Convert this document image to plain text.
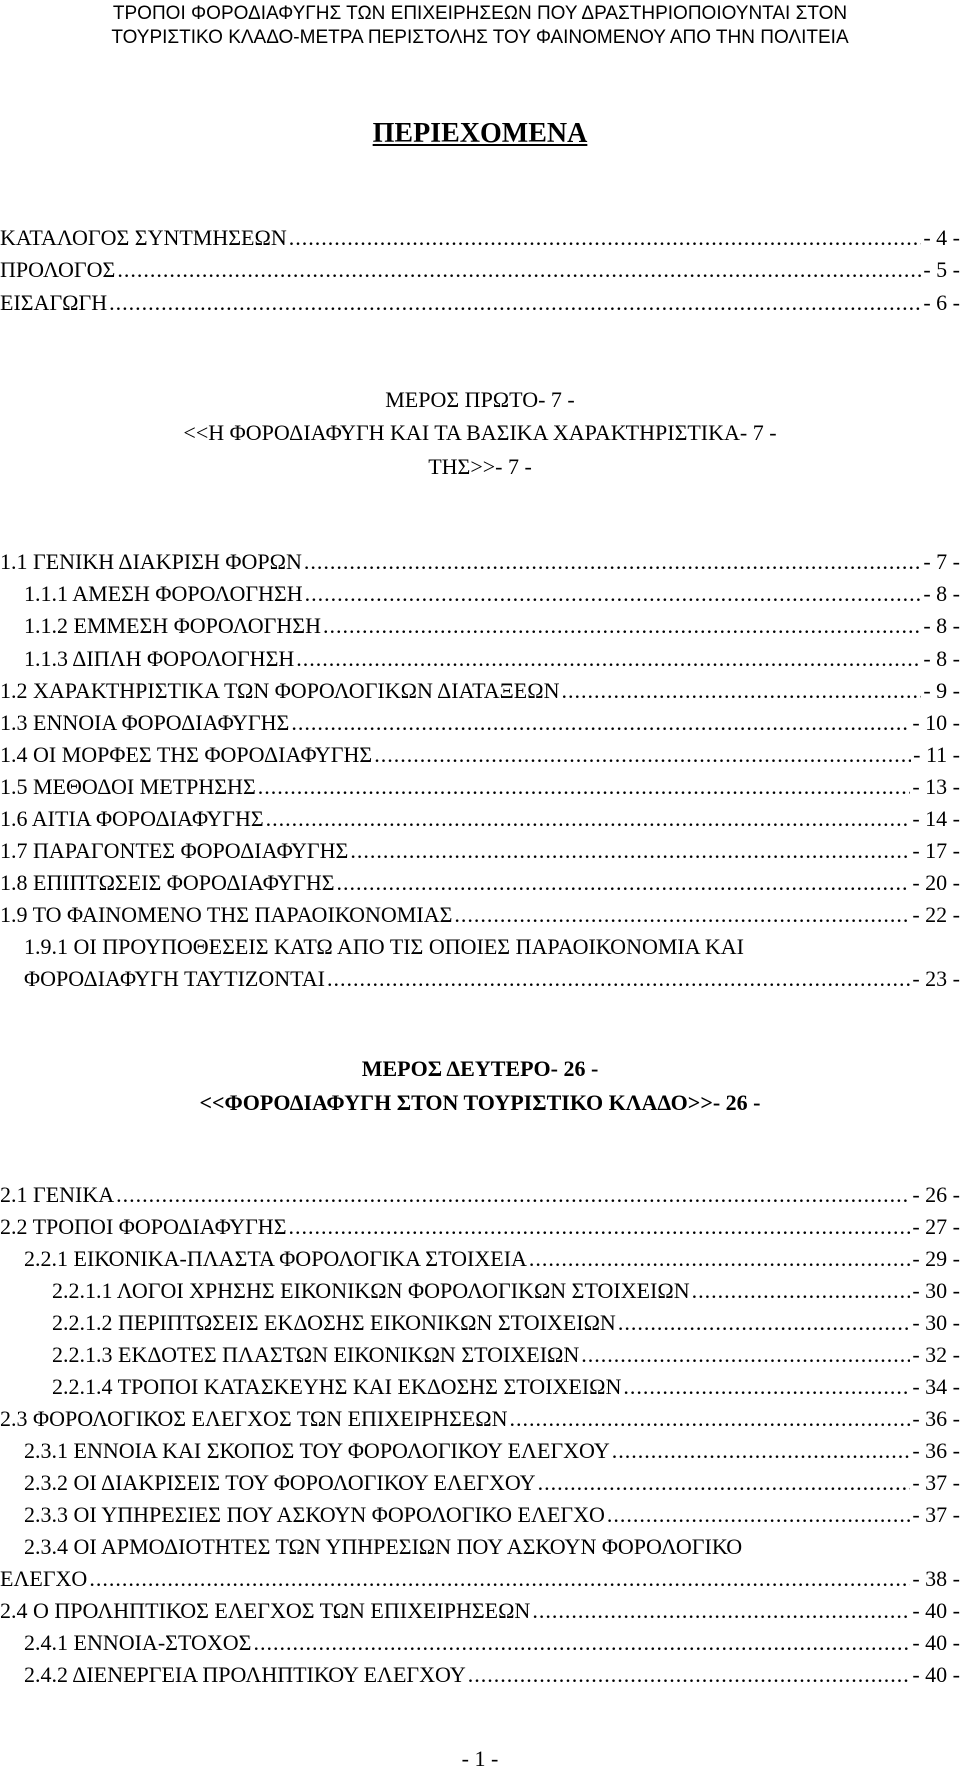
ΤΡΟΠΟΙ ΦΟΡΟΔΙΑΦΥΓΗΣ ΤΩΝ ΕΠΙΧΕΙΡΗΣΕΩΝ ΠΟΥ ΔΡΑΣΤΗΡΙΟΠΟΙΟΥΝΤΑΙ ΣΤΟΝ
ΤΟΥΡΙΣΤΙΚΟ ΚΛΑΔΟ-ΜΕΤΡΑ ΠΕΡΙΣΤΟΛΗΣ ΤΟΥ ΦΑΙΝΟΜΕΝΟΥ ΑΠΟ ΤΗΝ ΠΟΛΙΤΕΙΑ
ΠΕΡΙΕΧΟΜΕΝΑ
ΚΑΤΑΛΟΓΟΣ ΣΥΝΤΜΗΣΕΩΝ .....	- 4 -
ΠΡΟΛΟΓΟΣ .....	- 5 -
ΕΙΣΑΓΩΓΗ .....	- 6 -
ΜΕΡΟΣ ΠΡΩΤΟ- 7 -
<<Η ΦΟΡΟΔΙΑΦΥΓΗ ΚΑΙ ΤΑ ΒΑΣΙΚΑ ΧΑΡΑΚΤΗΡΙΣΤΙΚΑ- 7 -
ΤΗΣ>>- 7 -
1.1 ΓΕΝΙΚΗ ΔΙΑΚΡΙΣΗ ΦΟΡΩΝ .....	- 7 -
1.1.1 ΑΜΕΣΗ ΦΟΡΟΛΟΓΗΣΗ .....	- 8 -
1.1.2 ΕΜΜΕΣΗ ΦΟΡΟΛΟΓΗΣΗ .....	- 8 -
1.1.3 ΔΙΠΛΗ ΦΟΡΟΛΟΓΗΣΗ .....	- 8 -
1.2 ΧΑΡΑΚΤΗΡΙΣΤΙΚΑ ΤΩΝ ΦΟΡΟΛΟΓΙΚΩΝ ΔΙΑΤΑΞΕΩΝ .....	- 9 -
1.3 ΕΝΝΟΙΑ ΦΟΡΟΔΙΑΦΥΓΗΣ .....	- 10 -
1.4 ΟΙ ΜΟΡΦΕΣ ΤΗΣ ΦΟΡΟΔΙΑΦΥΓΗΣ .....	- 11 -
1.5 ΜΕΘΟΔΟΙ ΜΕΤΡΗΣΗΣ .....	- 13 -
1.6 ΑΙΤΙΑ ΦΟΡΟΔΙΑΦΥΓΗΣ .....	- 14 -
1.7 ΠΑΡΑΓΟΝΤΕΣ ΦΟΡΟΔΙΑΦΥΓΗΣ .....	- 17 -
1.8 ΕΠΙΠΤΩΣΕΙΣ ΦΟΡΟΔΙΑΦΥΓΗΣ .....	- 20 -
1.9 ΤΟ ΦΑΙΝΟΜΕΝΟ ΤΗΣ ΠΑΡΑΟΙΚΟΝΟΜΙΑΣ .....	- 22 -
1.9.1 ΟΙ ΠΡΟΥΠΟΘΕΣΕΙΣ ΚΑΤΩ ΑΠΟ ΤΙΣ ΟΠΟΙΕΣ ΠΑΡΑΟΙΚΟΝΟΜΙΑ ΚΑΙ
ΦΟΡΟΔΙΑΦΥΓΗ ΤΑΥΤΙΖΟΝΤΑΙ .....	- 23 -
ΜΕΡΟΣ ΔΕΥΤΕΡΟ- 26 -
<<ΦΟΡΟΔΙΑΦΥΓΗ ΣΤΟΝ ΤΟΥΡΙΣΤΙΚΟ ΚΛΑΔΟ>>- 26 -
2.1 ΓΕΝΙΚΑ .....	- 26 -
2.2 ΤΡΟΠΟΙ ΦΟΡΟΔΙΑΦΥΓΗΣ .....	- 27 -
2.2.1 ΕΙΚΟΝΙΚΑ-ΠΛΑΣΤΑ ΦΟΡΟΛΟΓΙΚΑ ΣΤΟΙΧΕΙΑ .....	- 29 -
2.2.1.1 ΛΟΓΟΙ ΧΡΗΣΗΣ ΕΙΚΟΝΙΚΩΝ ΦΟΡΟΛΟΓΙΚΩΝ ΣΤΟΙΧΕΙΩΝ .....	- 30 -
2.2.1.2 ΠΕΡΙΠΤΩΣΕΙΣ ΕΚΔΟΣΗΣ ΕΙΚΟΝΙΚΩΝ ΣΤΟΙΧΕΙΩΝ .....	- 30 -
2.2.1.3 ΕΚΔΟΤΕΣ ΠΛΑΣΤΩΝ ΕΙΚΟΝΙΚΩΝ ΣΤΟΙΧΕΙΩΝ .....	- 32 -
2.2.1.4 ΤΡΟΠΟΙ ΚΑΤΑΣΚΕΥΗΣ ΚΑΙ ΕΚΔΟΣΗΣ ΣΤΟΙΧΕΙΩΝ .....	- 34 -
2.3 ΦΟΡΟΛΟΓΙΚΟΣ ΕΛΕΓΧΟΣ ΤΩΝ ΕΠΙΧΕΙΡΗΣΕΩΝ .....	- 36 -
2.3.1 ΕΝΝΟΙΑ ΚΑΙ ΣΚΟΠΟΣ ΤΟΥ ΦΟΡΟΛΟΓΙΚΟΥ ΕΛΕΓΧΟΥ .....	- 36 -
2.3.2 ΟΙ ΔΙΑΚΡΙΣΕΙΣ ΤΟΥ ΦΟΡΟΛΟΓΙΚΟΥ ΕΛΕΓΧΟΥ .....	- 37 -
2.3.3 ΟΙ ΥΠΗΡΕΣΙΕΣ ΠΟΥ ΑΣΚΟΥΝ ΦΟΡΟΛΟΓΙΚΟ ΕΛΕΓΧΟ .....	- 37 -
2.3.4 ΟΙ ΑΡΜΟΔΙΟΤΗΤΕΣ ΤΩΝ ΥΠΗΡΕΣΙΩΝ ΠΟΥ ΑΣΚΟΥΝ ΦΟΡΟΛΟΓΙΚΟ
ΕΛΕΓΧΟ .....	- 38 -
2.4 Ο ΠΡΟΛΗΠΤΙΚΟΣ ΕΛΕΓΧΟΣ ΤΩΝ ΕΠΙΧΕΙΡΗΣΕΩΝ .....	- 40 -
2.4.1 ΕΝΝΟΙΑ-ΣΤΟΧΟΣ .....	- 40 -
2.4.2 ΔΙΕΝΕΡΓΕΙΑ ΠΡΟΛΗΠΤΙΚΟΥ ΕΛΕΓΧΟΥ .....	- 40 -
- 1 -
